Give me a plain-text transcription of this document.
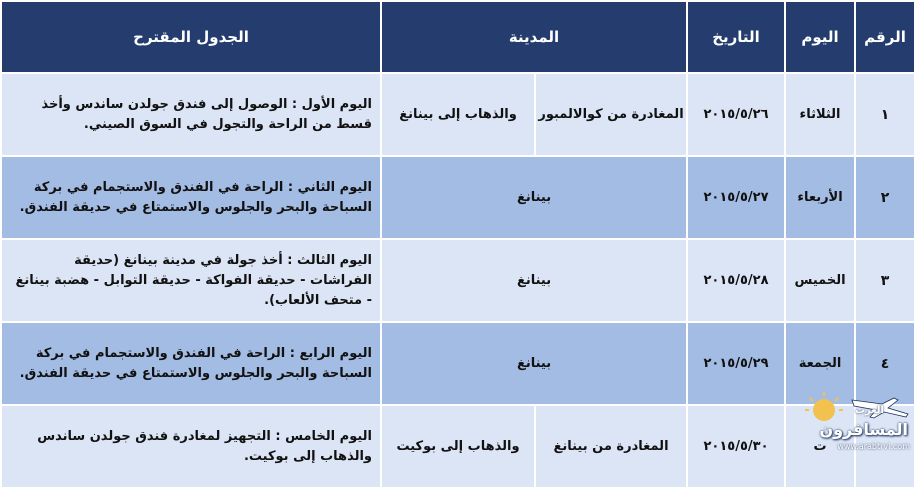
الرقم	اليوم	التاريخ	المدينة		الجدول المقترح
١	الثلاثاء	٢٠١٥/٥/٢٦	المغادرة من كوالالمبور	والذهاب إلى بينانغ	اليوم الأول : الوصول إلى فندق جولدن ساندس وأخذ قسط من الراحة والتجول في السوق الصيني.
٢	الأربعاء	٢٠١٥/٥/٢٧	بينانغ		اليوم الثاني : الراحة في الفندق والاستجمام في بركة السباحة والبحر والجلوس والاستمتاع في حديقة الفندق.
٣	الخميس	٢٠١٥/٥/٢٨	بينانغ		اليوم الثالث : أخذ جولة في مدينة بينانغ (حديقة الفراشات - حديقة الفواكة - حديقة التوابل - هضبة بينانغ - متحف الألعاب).
٤	الجمعة	٢٠١٥/٥/٢٩	بينانغ		اليوم الرابع : الراحة في الفندق والاستجمام في بركة السباحة والبحر والجلوس والاستمتاع في حديقة الفندق.
	ت	٢٠١٥/٥/٣٠	المغادرة من بينانغ	والذهاب إلى بوكيت	اليوم الخامس : التجهيز لمغادرة فندق جولدن ساندس والذهاب إلى بوكيت.
العرب
المسافرون
www.arabtrvl.com
